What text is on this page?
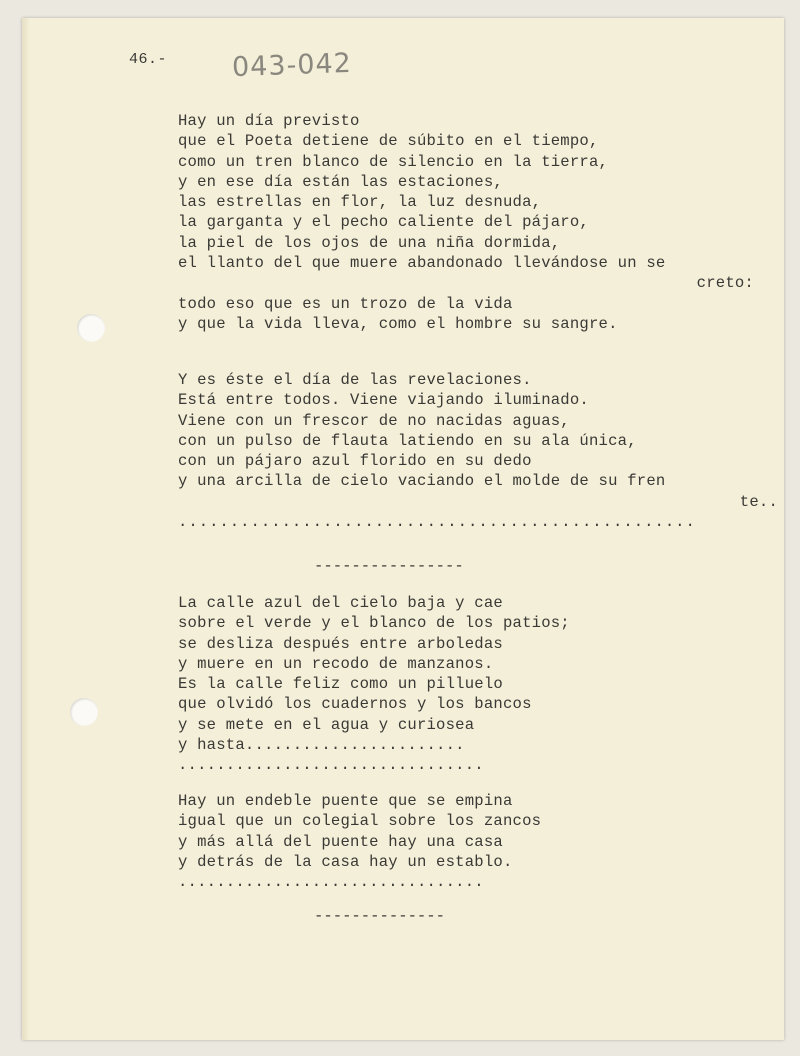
46.- 043-042
Hay un día previsto
que el Poeta detiene de súbito en el tiempo,
como un tren blanco de silencio en la tierra,
y en ese día están las estaciones,
las estrellas en flor, la luz desnuda,
la garganta y el pecho caliente del pájaro,
la piel de los ojos de una niña dormida,
el llanto del que muere abandonado llevándose un se
creto:
todo eso que es un trozo de la vida
y que la vida lleva, como el hombre su sangre.
Y es éste el día de las revelaciones.
Está entre todos. Viene viajando iluminado.
Viene con un frescor de no nacidas aguas,
con un pulso de flauta latiendo en su ala única,
con un pájaro azul florido en su dedo
y una arcilla de cielo vaciando el molde de su fren
te..
..................................................
----------------
La calle azul del cielo baja y cae
sobre el verde y el blanco de los patios;
se desliza después entre arboledas
y muere en un recodo de manzanos.
Es la calle feliz como un pilluelo
que olvidó los cuadernos y los bancos
y se mete en el agua y curiosea
y hasta.......................
................................
Hay un endeble puente que se empina
igual que un colegial sobre los zancos
y más allá del puente hay una casa
y detrás de la casa hay un establo.
................................
--------------
